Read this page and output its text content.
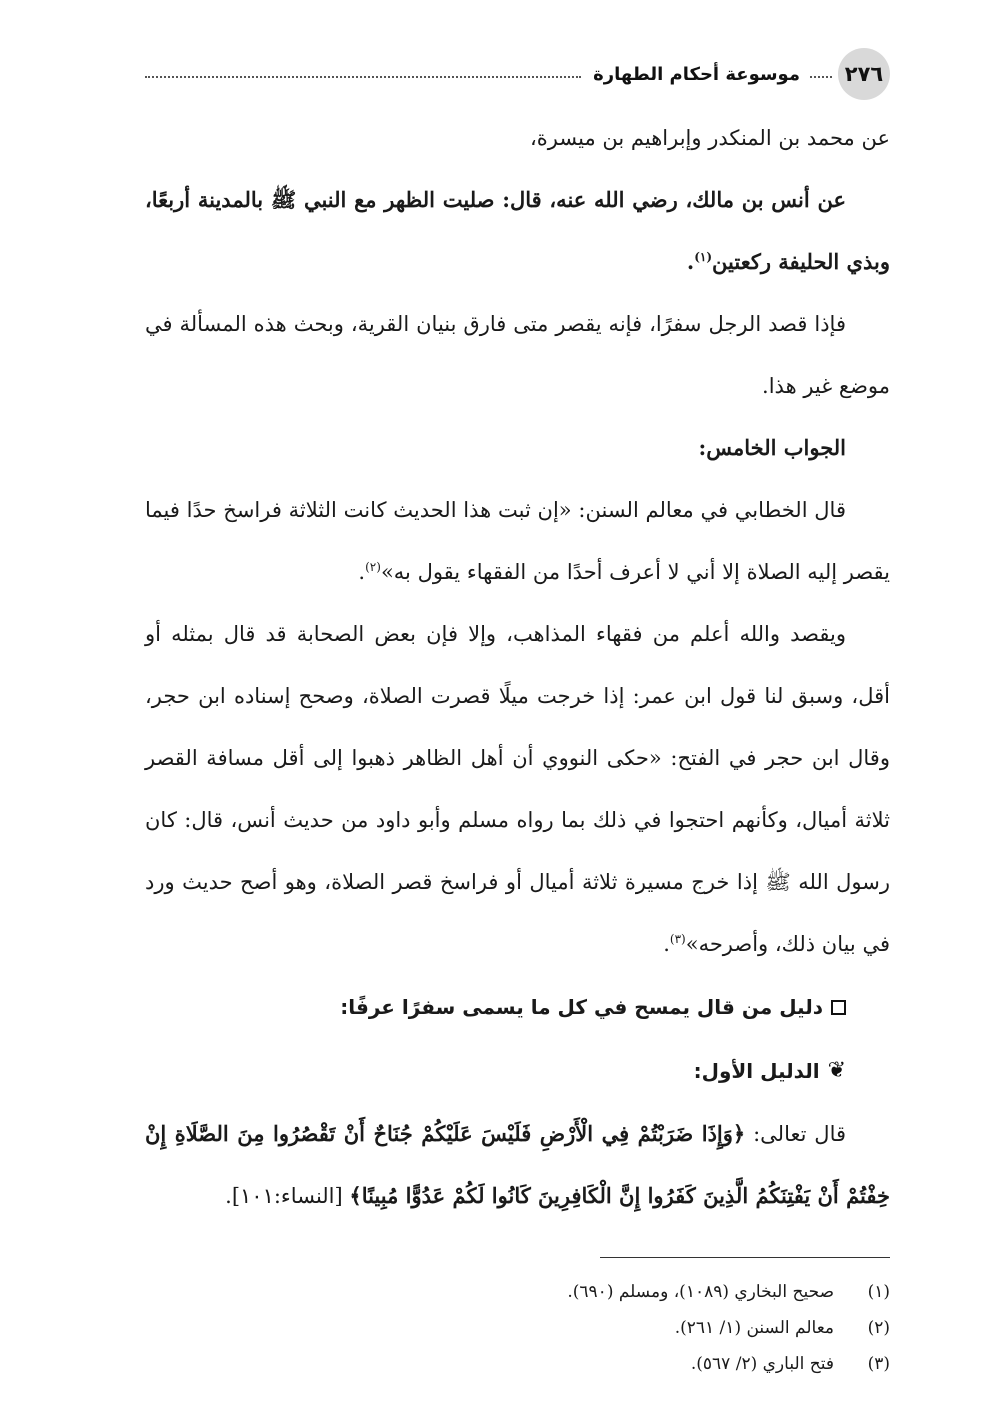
٢٧٦
موسوعة أحكام الطهارة

عن محمد بن المنكدر وإبراهيم بن ميسرة،

عن أنس بن مالك، رضي الله عنه، قال: صليت الظهر مع النبي ﷺ بالمدينة أربعًا، وبذي الحليفة ركعتين$^{(١)}$.

فإذا قصد الرجل سفرًا، فإنه يقصر متى فارق بنيان القرية، وبحث هذه المسألة في موضع غير هذا.

الجواب الخامس:

قال الخطابي في معالم السنن: «إن ثبت هذا الحديث كانت الثلاثة فراسخ حدًا فيما يقصر إليه الصلاة إلا أني لا أعرف أحدًا من الفقهاء يقول به»$^{(٢)}$.

ويقصد والله أعلم من فقهاء المذاهب، وإلا فإن بعض الصحابة قد قال بمثله أو أقل، وسبق لنا قول ابن عمر: إذا خرجت ميلًا قصرت الصلاة، وصحح إسناده ابن حجر، وقال ابن حجر في الفتح: «حكى النووي أن أهل الظاهر ذهبوا إلى أقل مسافة القصر ثلاثة أميال، وكأنهم احتجوا في ذلك بما رواه مسلم وأبو داود من حديث أنس، قال: كان رسول الله ﷺ إذا خرج مسيرة ثلاثة أميال أو فراسخ قصر الصلاة، وهو أصح حديث ورد في بيان ذلك، وأصرحه»$^{(٣)}$.

دليل من قال يمسح في كل ما يسمى سفرًا عرفًا:
❦
الدليل الأول:

قال تعالى: ﴿وَإِذَا ضَرَبْتُمْ فِي الْأَرْضِ فَلَيْسَ عَلَيْكُمْ جُنَاحٌ أَنْ تَقْصُرُوا مِنَ الصَّلَاةِ إِنْ خِفْتُمْ أَنْ يَفْتِنَكُمُ الَّذِينَ كَفَرُوا إِنَّ الْكَافِرِينَ كَانُوا لَكُمْ عَدُوًّا مُبِينًا﴾ [النساء:١٠١].

(١)
صحيح البخاري (١٠٨٩)، ومسلم (٦٩٠).
(٢)
معالم السنن (١/ ٢٦١).
(٣)
فتح الباري (٢/ ٥٦٧).
